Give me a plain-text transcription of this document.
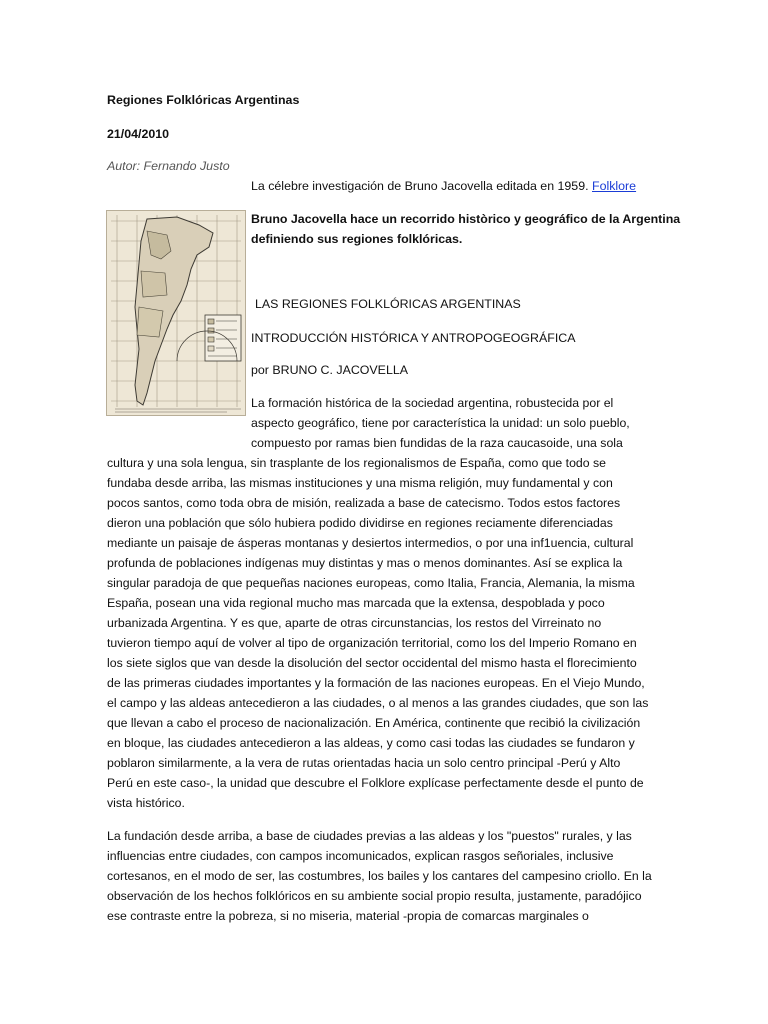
Regiones Folklóricas Argentinas
21/04/2010
Autor: Fernando Justo
La célebre investigación de Bruno Jacovella editada en 1959. Folklore
Bruno Jacovella hace un recorrido històrico y geográfico de la Argentina
definiendo sus regiones folklóricas.
LAS REGIONES FOLKLÓRICAS ARGENTINAS
INTRODUCCIÓN HISTÓRICA Y ANTROPOGEOGRÁFICA
por BRUNO C. JACOVELLA
La formación histórica de la sociedad argentina, robustecida por el
aspecto geográfico, tiene por característica la unidad: un solo pueblo,
compuesto por ramas bien fundidas de la raza caucasoide, una sola
cultura y una sola lengua, sin trasplante de los regionalismos de España, como que todo se
fundaba desde arriba, las mismas instituciones y una misma religión, muy fundamental y con
pocos santos, como toda obra de misión, realizada a base de catecismo. Todos estos factores
dieron una población que sólo hubiera podido dividirse en regiones reciamente diferenciadas
mediante un paisaje de ásperas montanas y desiertos intermedios, o por una inf1uencia, cultural
profunda de poblaciones indígenas muy distintas y mas o menos dominantes. Así se explica la
singular paradoja de que pequeñas naciones europeas, como Italia, Francia, Alemania, la misma
España, posean una vida regional mucho mas marcada que la extensa, despoblada y poco
urbanizada Argentina. Y es que, aparte de otras circunstancias, los restos del Virreinato no
tuvieron tiempo aquí de volver al tipo de organización territorial, como los del Imperio Romano en
los siete siglos que van desde la disolución del sector occidental del mismo hasta el florecimiento
de las primeras ciudades importantes y la formación de las naciones europeas. En el Viejo Mundo,
el campo y las aldeas antecedieron a las ciudades, o al menos a las grandes ciudades, que son las
que llevan a cabo el proceso de nacionalización. En América, continente que recibió la civilización
en bloque, las ciudades antecedieron a las aldeas, y como casi todas las ciudades se fundaron y
poblaron similarmente, a la vera de rutas orientadas hacia un solo centro principal -Perú y Alto
Perú en este caso-, la unidad que descubre el Folklore explícase perfectamente desde el punto de
vista histórico.
La fundación desde arriba, a base de ciudades previas a las aldeas y los "puestos" rurales, y las
influencias entre ciudades, con campos incomunicados, explican rasgos señoriales, inclusive
cortesanos, en el modo de ser, las costumbres, los bailes y los cantares del campesino criollo. En la
observación de los hechos folklóricos en su ambiente social propio resulta, justamente, paradójico
ese contraste entre la pobreza, si no miseria, material -propia de comarcas marginales o
